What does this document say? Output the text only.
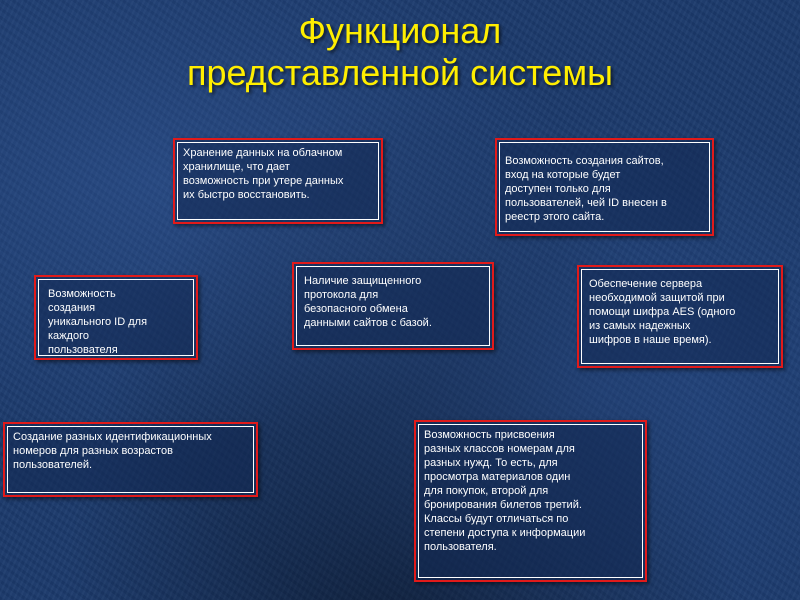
Функционал
представленной системы
Хранение данных на облачном
хранилище, что дает
возможность при утере данных
их быстро восстановить.
Возможность создания сайтов,
вход на которые будет
доступен только для
пользователей, чей ID внесен в
реестр этого сайта.
Возможность
создания
уникального ID для
каждого
пользователя
Наличие защищенного
протокола для
безопасного обмена
данными сайтов с базой.
Обеспечение сервера
необходимой защитой при
помощи шифра AES (одного
из самых надежных
шифров в наше время).
Создание разных идентификационных
номеров для разных возрастов
пользователей.
Возможность присвоения
разных классов номерам для
разных нужд. То есть, для
просмотра материалов один
для покупок, второй для
бронирования билетов третий.
Классы будут отличаться по
степени доступа к информации
пользователя.
